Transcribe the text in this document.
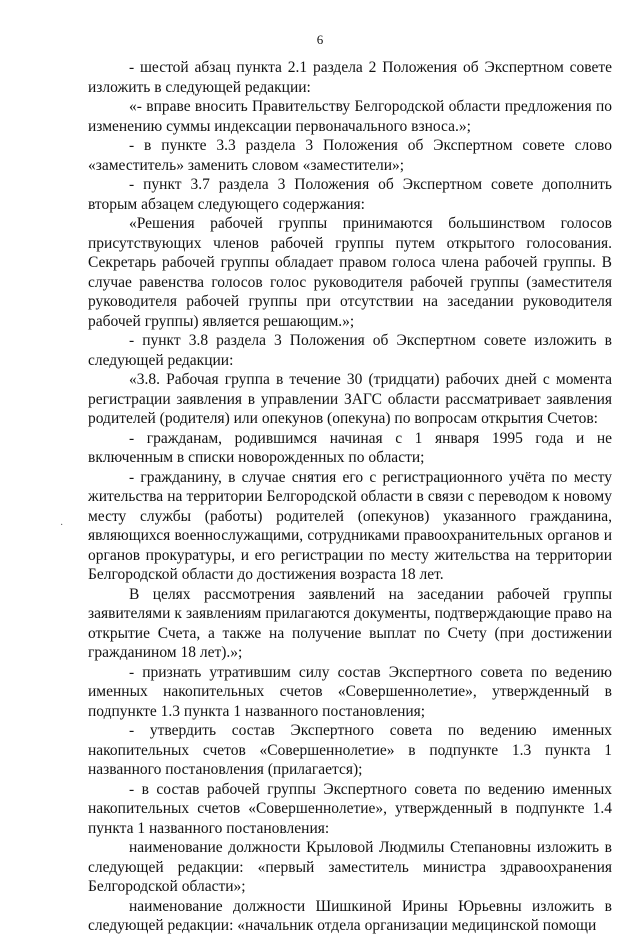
6
·

- шестой абзац пункта 2.1 раздела 2 Положения об Экспертном совете изложить в следующей редакции:

«- вправе вносить Правительству Белгородской области предложения по изменению суммы индексации первоначального взноса.»;

- в пункте 3.3 раздела 3 Положения об Экспертном совете слово «заместитель» заменить словом «заместители»;

- пункт 3.7 раздела 3 Положения об Экспертном совете дополнить вторым абзацем следующего содержания:

«Решения рабочей группы принимаются большинством голосов присутствующих членов рабочей группы путем открытого голосования. Секретарь рабочей группы обладает правом голоса члена рабочей группы. В случае равенства голосов голос руководителя рабочей группы (заместителя руководителя рабочей группы при отсутствии на заседании руководителя рабочей группы) является решающим.»;

- пункт 3.8 раздела 3 Положения об Экспертном совете изложить в следующей редакции:

«3.8. Рабочая группа в течение 30 (тридцати) рабочих дней с момента регистрации заявления в управлении ЗАГС области рассматривает заявления родителей (родителя) или опекунов (опекуна) по вопросам открытия Счетов:

- гражданам, родившимся начиная с 1 января 1995 года и не включенным в списки новорожденных по области;

- гражданину, в случае снятия его с регистрационного учёта по месту жительства на территории Белгородской области в связи с переводом к новому месту службы (работы) родителей (опекунов) указанного гражданина, являющихся военнослужащими, сотрудниками правоохранительных органов и органов прокуратуры, и его регистрации по месту жительства на территории Белгородской области до достижения возраста 18 лет.

В целях рассмотрения заявлений на заседании рабочей группы заявителями к заявлениям прилагаются документы, подтверждающие право на открытие Счета, а также на получение выплат по Счету (при достижении гражданином 18 лет).»;

- признать утратившим силу состав Экспертного совета по ведению именных накопительных счетов «Совершеннолетие», утвержденный в подпункте 1.3 пункта 1 названного постановления;

- утвердить состав Экспертного совета по ведению именных накопительных счетов «Совершеннолетие» в подпункте 1.3 пункта 1 названного постановления (прилагается);

- в состав рабочей группы Экспертного совета по ведению именных накопительных счетов «Совершеннолетие», утвержденный в подпункте 1.4 пункта 1 названного постановления:

наименование должности Крыловой Людмилы Степановны изложить в следующей редакции: «первый заместитель министра здравоохранения Белгородской области»;

наименование должности Шишкиной Ирины Юрьевны изложить в следующей редакции: «начальник отдела организации медицинской помощи
